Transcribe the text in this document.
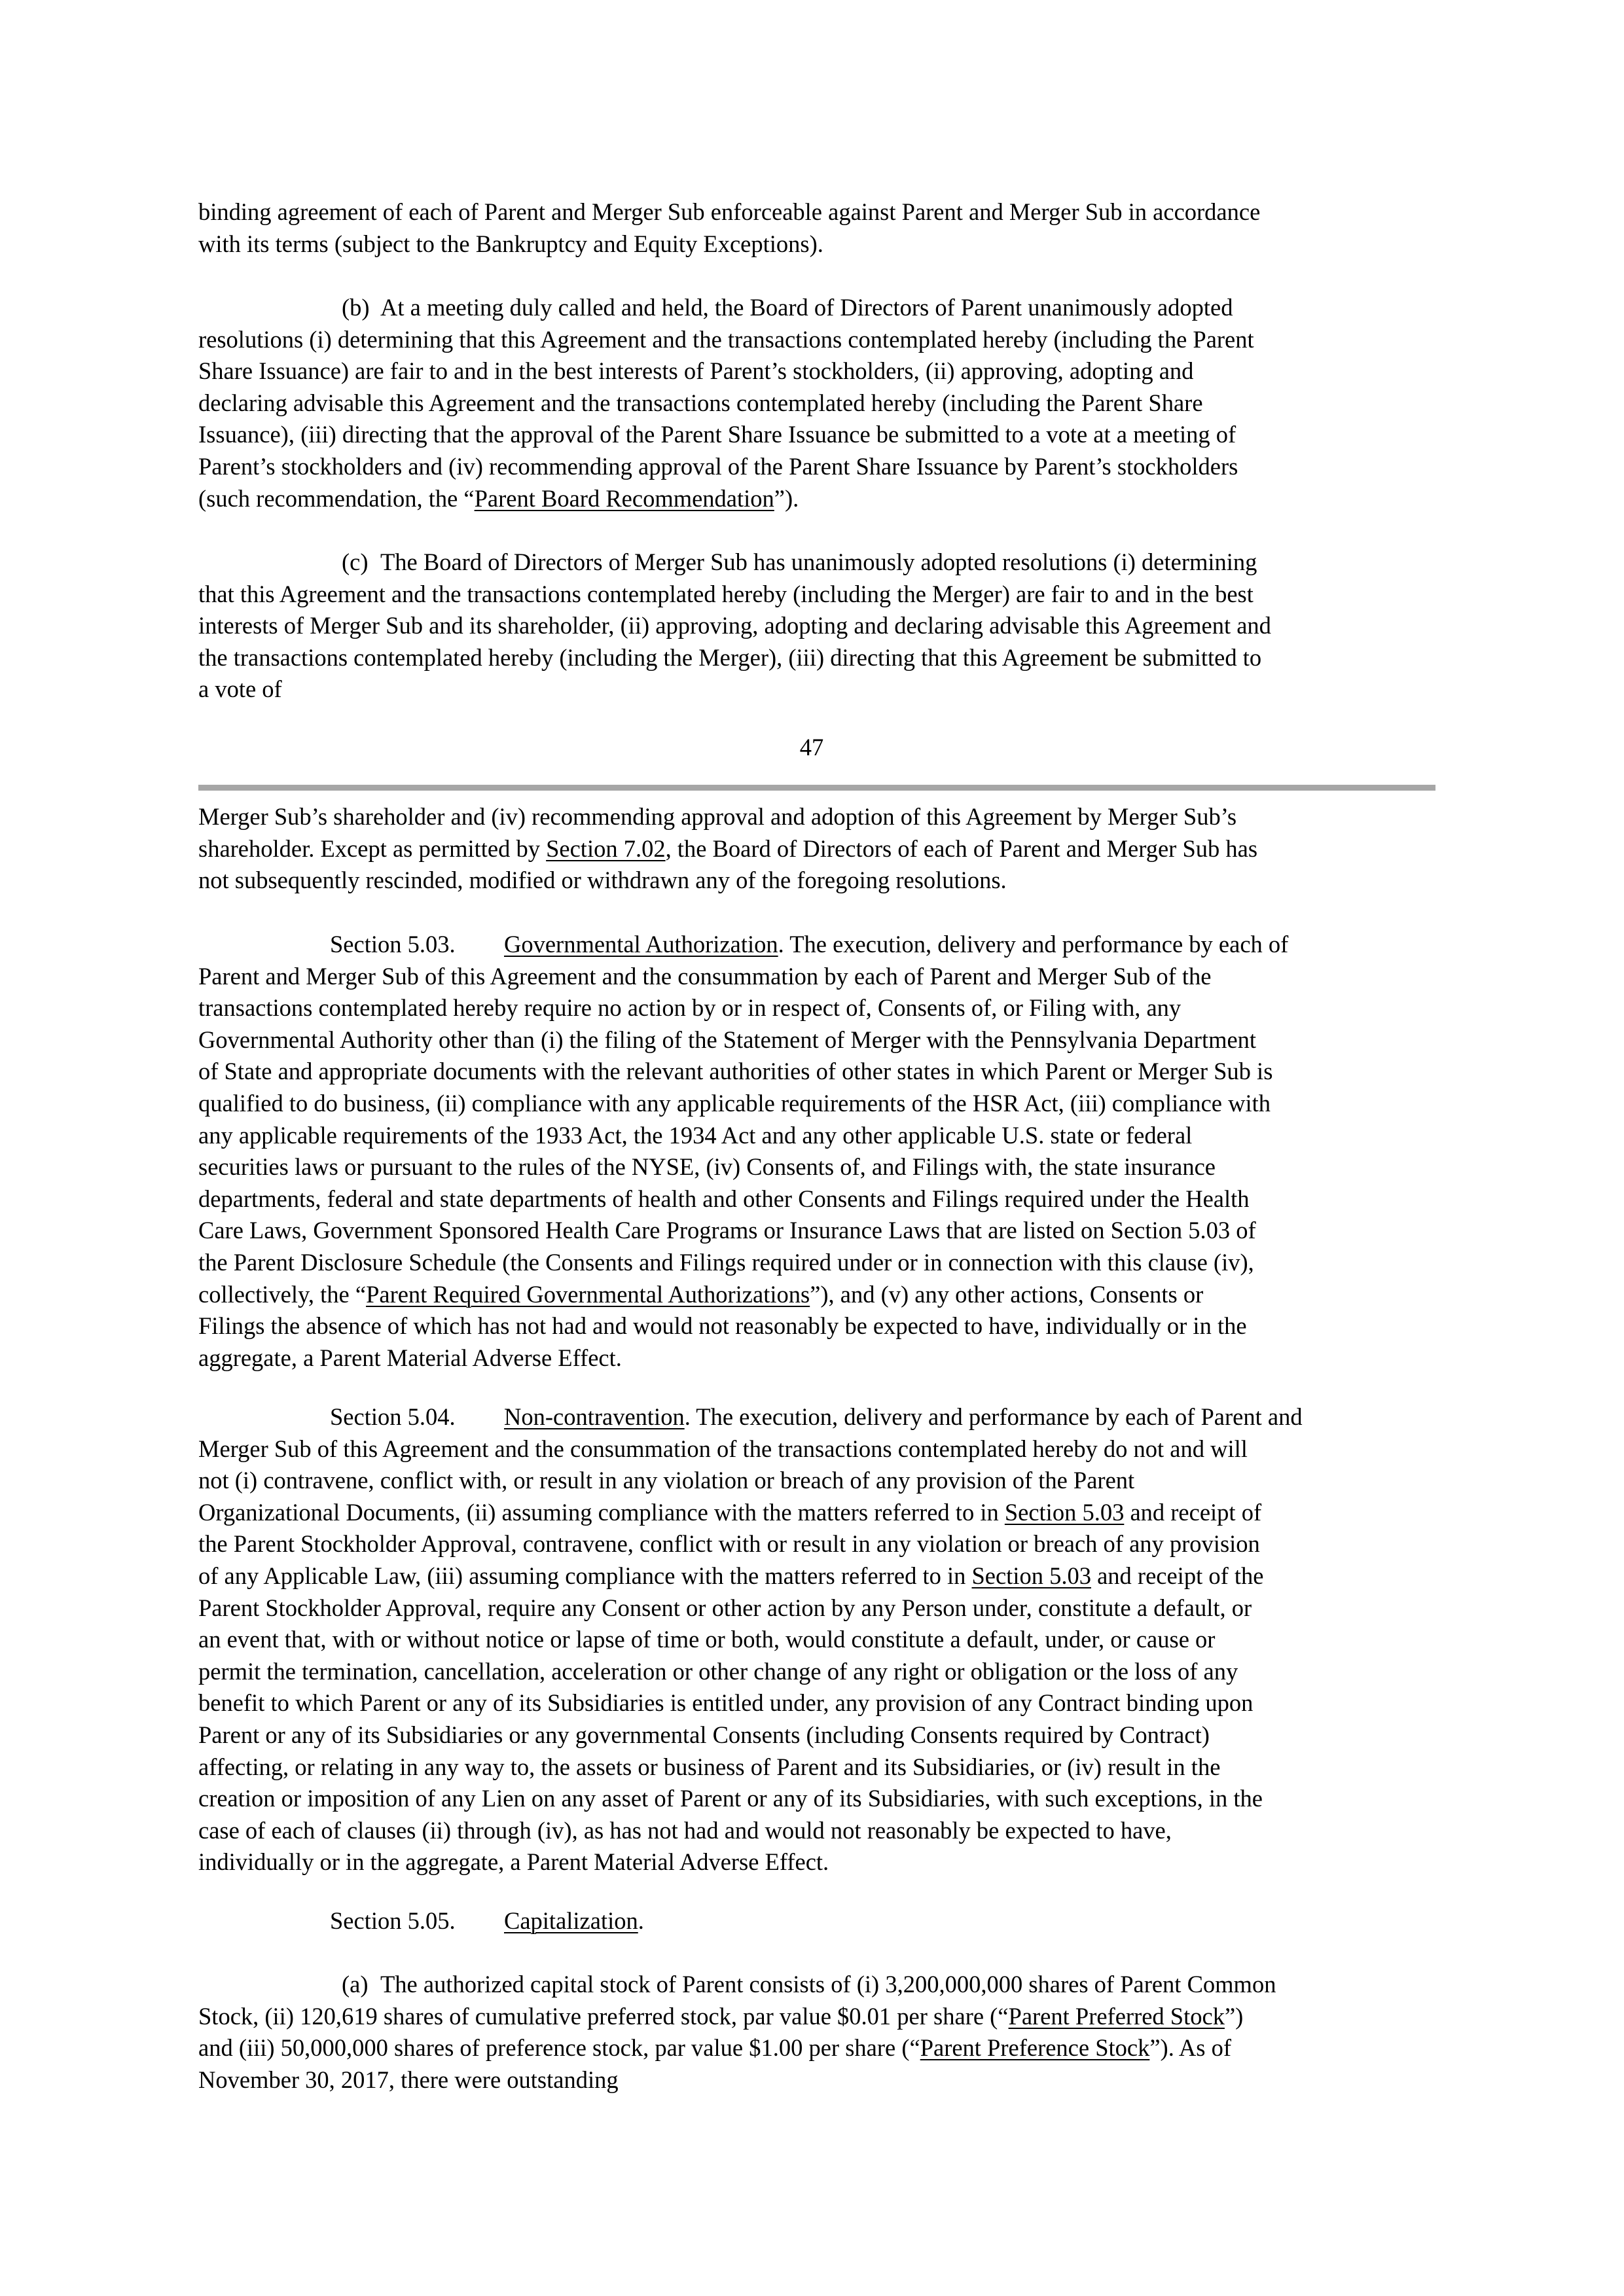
binding agreement of each of Parent and Merger Sub enforceable against Parent and Merger Sub in accordance
with its terms (subject to the Bankruptcy and Equity Exceptions).
(b) At a meeting duly called and held, the Board of Directors of Parent unanimously adopted
resolutions (i) determining that this Agreement and the transactions contemplated hereby (including the Parent
Share Issuance) are fair to and in the best interests of Parent’s stockholders, (ii) approving, adopting and
declaring advisable this Agreement and the transactions contemplated hereby (including the Parent Share
Issuance), (iii) directing that the approval of the Parent Share Issuance be submitted to a vote at a meeting of
Parent’s stockholders and (iv) recommending approval of the Parent Share Issuance by Parent’s stockholders
(such recommendation, the “Parent Board Recommendation”).
(c) The Board of Directors of Merger Sub has unanimously adopted resolutions (i) determining
that this Agreement and the transactions contemplated hereby (including the Merger) are fair to and in the best
interests of Merger Sub and its shareholder, (ii) approving, adopting and declaring advisable this Agreement and
the transactions contemplated hereby (including the Merger), (iii) directing that this Agreement be submitted to
a vote of
47
Merger Sub’s shareholder and (iv) recommending approval and adoption of this Agreement by Merger Sub’s
shareholder. Except as permitted by Section 7.02, the Board of Directors of each of Parent and Merger Sub has
not subsequently rescinded, modified or withdrawn any of the foregoing resolutions.
Section 5.03. Governmental Authorization. The execution, delivery and performance by each of
Parent and Merger Sub of this Agreement and the consummation by each of Parent and Merger Sub of the
transactions contemplated hereby require no action by or in respect of, Consents of, or Filing with, any
Governmental Authority other than (i) the filing of the Statement of Merger with the Pennsylvania Department
of State and appropriate documents with the relevant authorities of other states in which Parent or Merger Sub is
qualified to do business, (ii) compliance with any applicable requirements of the HSR Act, (iii) compliance with
any applicable requirements of the 1933 Act, the 1934 Act and any other applicable U.S. state or federal
securities laws or pursuant to the rules of the NYSE, (iv) Consents of, and Filings with, the state insurance
departments, federal and state departments of health and other Consents and Filings required under the Health
Care Laws, Government Sponsored Health Care Programs or Insurance Laws that are listed on Section 5.03 of
the Parent Disclosure Schedule (the Consents and Filings required under or in connection with this clause (iv),
collectively, the “Parent Required Governmental Authorizations”), and (v) any other actions, Consents or
Filings the absence of which has not had and would not reasonably be expected to have, individually or in the
aggregate, a Parent Material Adverse Effect.
Section 5.04. Non-contravention. The execution, delivery and performance by each of Parent and
Merger Sub of this Agreement and the consummation of the transactions contemplated hereby do not and will
not (i) contravene, conflict with, or result in any violation or breach of any provision of the Parent
Organizational Documents, (ii) assuming compliance with the matters referred to in Section 5.03 and receipt of
the Parent Stockholder Approval, contravene, conflict with or result in any violation or breach of any provision
of any Applicable Law, (iii) assuming compliance with the matters referred to in Section 5.03 and receipt of the
Parent Stockholder Approval, require any Consent or other action by any Person under, constitute a default, or
an event that, with or without notice or lapse of time or both, would constitute a default, under, or cause or
permit the termination, cancellation, acceleration or other change of any right or obligation or the loss of any
benefit to which Parent or any of its Subsidiaries is entitled under, any provision of any Contract binding upon
Parent or any of its Subsidiaries or any governmental Consents (including Consents required by Contract)
affecting, or relating in any way to, the assets or business of Parent and its Subsidiaries, or (iv) result in the
creation or imposition of any Lien on any asset of Parent or any of its Subsidiaries, with such exceptions, in the
case of each of clauses (ii) through (iv), as has not had and would not reasonably be expected to have,
individually or in the aggregate, a Parent Material Adverse Effect.
Section 5.05. Capitalization.
(a) The authorized capital stock of Parent consists of (i) 3,200,000,000 shares of Parent Common
Stock, (ii) 120,619 shares of cumulative preferred stock, par value $0.01 per share (“Parent Preferred Stock”)
and (iii) 50,000,000 shares of preference stock, par value $1.00 per share (“Parent Preference Stock”). As of
November 30, 2017, there were outstanding
